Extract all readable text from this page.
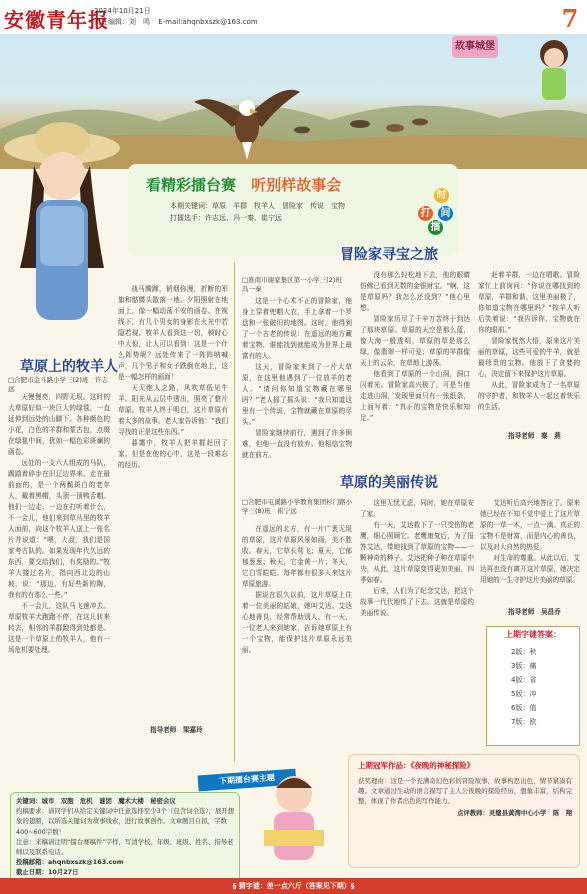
安徽青年报
2024年10月21日
责任编辑：刘　鸣 E-mail:ahqnbxszk@163.com	7
故事城堡
看精彩擂台赛 听别样故事会
本期关键词：草原　羊群　牧羊人　冒险家　传说　宝物
打擂选手：许志远、冯一秦、崔宁远	打
擂
时
间
草原上的牧羊人
□合肥市金斗路小学三(2)班　许志远

天慢慢亮，四野无垠。这时的大草原好似一块巨大的绿毯，一直延伸到远处的山脚下。各种颜色的小花，白色的羊群和蒙古包，点缀在绿毯中间，犹如一幅色彩斑斓的画卷。

远处的一支六人组成的马队，踢踏着碎步在旧辽边界来。走在最前面的，是一个两鬓斑白的老年人，戴着黑帽，头顶一顶鸭舌帽。他们一边走，一边在打听着什么，不一会儿，他们来到草丛里的牧羊人面前，向这个牧羊人送上一张名片并说道：“喂，大叔，我们是国家考古队的。如果发现年代久远的东西，要交给我们，有奖励的。”牧羊人接过名片，指向西北边的山坡，说：“那边，有好些新的陶，我有的有那么一些。”

不一会儿，这队马飞速冲去。草原牧羊犬跑跑不停，在这儿转来转去，相邻的羊群跑得到处都是。这是一个草原上的牧羊人，他有一场危机要处理。

战马腾蹄，销烟弥漫，折断的军旗和骷髅头散落一地。夕阳照射在地面上，像一幅动荡不安的画卷。在视线下，有几个男女的身影在火光中若隐若现。牧羊人看到这一切，顿时心中大惊，让人可以看到：这是一个什么阵势呢？远处传来了一阵阵呐喊声，几个男子和女子跌倒在地上，这是一幅怎样的画面！

天无绝人之路，风吹草低见牛羊。阳光从云层中透出，照亮了整片草原。牧羊人终于明白，这片草原有着太多的故事。老人家告诉他：“我们寻找的正是这些东西。”

暮霭中，牧羊人把羊群赶回了家。但是在他的心中，这是一段难忘的经历。

指导老师　梁嘉玲
冒险家寻宝之旅
□淮南市谢家集区第一小学三(2)班　冯一秦

这是一个心术不正的冒险家，他身上穿着兜帽大衣，手上拿着一个罗盘和一张破旧的地图。这时，他得到了一个古老的传说：在遥远的地方藏着宝物，谁能找到就能成为世界上最富有的人。

这天，冒险家来到了一片大草原，在这里他遇到了一位放羊的老人。“请问你知道宝物藏在哪里吗？”老人摇了摇头说：“我只知道这里有一个传说，宝物就藏在草原的尽头。”

冒险家继续前行，遇到了许多困难，但他一直没有放弃。他相信宝物就在前方。

没有那么轻松地下去，他的眼睛仿佛已看到无数的金银财宝。“啊，这是草原吗？我怎么还没到？”他心里想。

冒险家历尽了千辛万苦终于到达了那块草原。草原的天空是那么蓝，像大海一般透明，草原的草是那么绿，像翡翠一样可爱；草原的羊群像天上的云朵，在草地上游荡。

他看到了草原的一个山洞，洞口闪着光。冒险家高兴极了，可是当他走进山洞，发现里面只有一张纸条，上面写着：“真正的宝物是快乐和知足。”

赶着羊群，一边在唱歌。冒险家忙上前询问：“你说在哪找到的草原，羊群和谐，这里美丽极了，你知道宝物在哪里吗？”牧羊人听后笑着说：“我告诉你，宝物就在你的眼前。”

冒险家恍然大悟，原来这片美丽的草原，这些可爱的牛羊，就是最珍贵的宝物。他放下了贪婪的心，决定留下来保护这片草原。

从此，冒险家成为了一名草原的守护者，和牧羊人一起过着快乐的生活。

指导老师　秦　燕
草原的美丽传说
□合肥市屯溪路小学教育集团杉门路小学三(8)班　崔宁远

在遥远的北方，有一片广袤无垠的草原，这片草原风景如画，美不胜收。春天，它草长莺飞；夏天，它郁郁葱葱；秋天，它金黄一片；冬天，它白雪皑皑。每年都有很多人来这片草原旅游。

据说在很久以前，这片草原上住着一位美丽的姑娘，她叫艾达。艾达心地善良，经常帮助别人。有一天，一位老人来到她家，告诉她草原上有一个宝物，能保护这片草原永远美丽。

这里无忧无虑，同时，她在草原安了家。

有一天，艾达救下了一只受伤的老鹰，细心照顾它。老鹰康复后，为了报答艾达，带她找到了草原的宝物——一颗神奇的种子。艾达把种子种在草原中央，从此，这片草原变得更加美丽，四季如春。

后来，人们为了纪念艾达，把这个故事一代代地传了下去。这就是草原的美丽传说。

艾达听后高兴地答应了。原来她已经在不知不觉中爱上了这片草原的一草一木，一点一滴。真正的宝物不是财富，而是内心的善良，以及对大自然的热爱。

对生命的尊重。从此以后，艾达再也没有离开这片草原，她决定用她的一生守护这片美丽的草原。

指导老师　吴昌乔
上期字谜答案：
2版：秋
3版：痛
4版：省
5版：冲
6版：值
7版：欧
下期擂台赛主题
关键词：城市　双胞　危机　谜团　魔术大楼　秘密会议
约稿要求：请同学们从给定关键词中任意选择至少3个（包含词全选），展开想象的翅膀，以所选关键词为故事线索，进行故事创作。文章题目自拟，字数400~600字数！
注意：来稿请注明“擂台赛稿件”字样，写清学校、年级、班级、姓名、指导老师以及联系电话。
投稿邮箱：ahqnbxszk@163.com
截止日期：10月27日
上期冠军作品：《夜晚的神秘探险》
获奖理由：这是一个充满奇幻色彩的冒险故事，故事构思出色，情节紧凑有趣。文章通过生动的语言描写了主人公夜晚的探险经历，想象丰富，结构完整，体现了作者出色的写作能力。
点评教师：灵璧县黄湾中心小学　陈　翔
§ 猜字谜：差一点六斤（答案见下期）§
